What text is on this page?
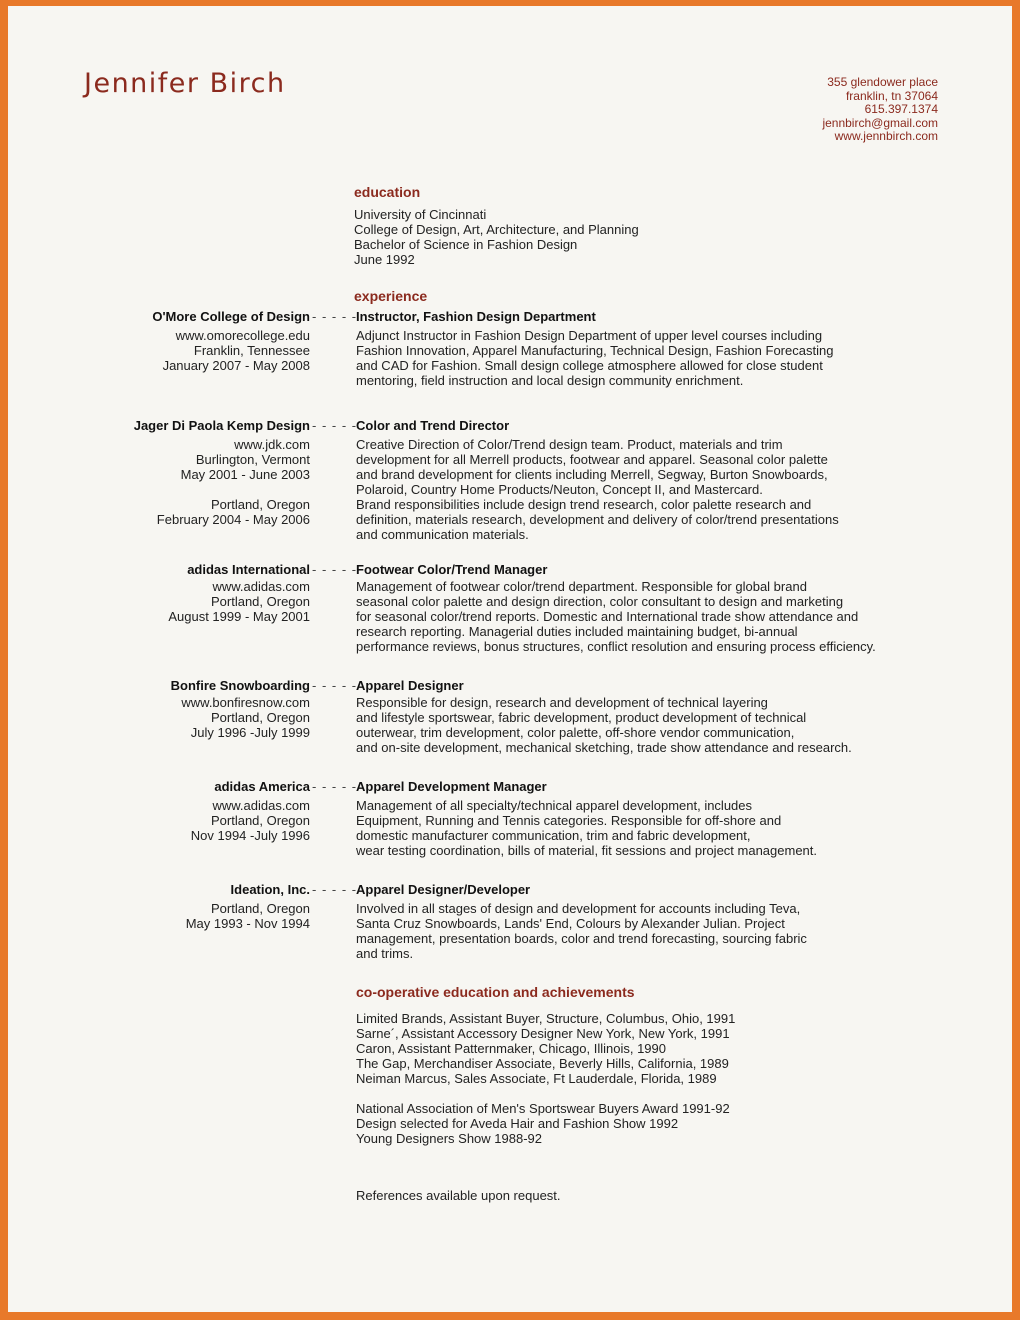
Jennifer Birch	355 glendower place
franklin, tn 37064
615.397.1374
jennbirch@gmail.com
www.jennbirch.com
education
University of Cincinnati
College of Design, Art, Architecture, and Planning
Bachelor of Science in Fashion Design
June 1992
experience
O'More College of Design
www.omorecollege.edu
Franklin, Tennessee
January 2007 - May 2008
- - - - -
Instructor, Fashion Design Department
Adjunct Instructor in Fashion Design Department of upper level courses including
Fashion Innovation, Apparel Manufacturing, Technical Design, Fashion Forecasting
and CAD for Fashion. Small design college atmosphere allowed for close student
mentoring, field instruction and local design community enrichment.
Jager Di Paola Kemp Design
www.jdk.com
Burlington, Vermont
May 2001 - June 2003
Portland, Oregon
February 2004 - May 2006
- - - - -
Color and Trend Director
Creative Direction of Color/Trend design team. Product, materials and trim
development for all Merrell products, footwear and apparel. Seasonal color palette
and brand development for clients including Merrell, Segway, Burton Snowboards,
Polaroid, Country Home Products/Neuton, Concept II, and Mastercard.
Brand responsibilities include design trend research, color palette research and
definition, materials research, development and delivery of color/trend presentations
and communication materials.
adidas International
www.adidas.com
Portland, Oregon
August 1999 - May 2001
- - - - -
Footwear Color/Trend Manager
Management of footwear color/trend department. Responsible for global brand
seasonal color palette and design direction, color consultant to design and marketing
for seasonal color/trend reports. Domestic and International trade show attendance and
research reporting. Managerial duties included maintaining budget, bi-annual
performance reviews, bonus structures, conflict resolution and ensuring process efficiency.
Bonfire Snowboarding
www.bonfiresnow.com
Portland, Oregon
July 1996 -July 1999
- - - - -
Apparel Designer
Responsible for design, research and development of technical layering
and lifestyle sportswear, fabric development, product development of technical
outerwear, trim development, color palette, off-shore vendor communication,
and on-site development, mechanical sketching, trade show attendance and research.
adidas America
www.adidas.com
Portland, Oregon
Nov 1994 -July 1996
- - - - -
Apparel Development Manager
Management of all specialty/technical apparel development, includes
Equipment, Running and Tennis categories. Responsible for off-shore and
domestic manufacturer communication, trim and fabric development,
wear testing coordination, bills of material, fit sessions and project management.
Ideation, Inc.
Portland, Oregon
May 1993 - Nov 1994
- - - - -
Apparel Designer/Developer
Involved in all stages of design and development for accounts including Teva,
Santa Cruz Snowboards, Lands' End, Colours by Alexander Julian. Project
management, presentation boards, color and trend forecasting, sourcing fabric
and trims.
co-operative education and achievements
Limited Brands, Assistant Buyer, Structure, Columbus, Ohio, 1991
Sarne´, Assistant Accessory Designer New York, New York, 1991
Caron, Assistant Patternmaker, Chicago, Illinois, 1990
The Gap, Merchandiser Associate, Beverly Hills, California, 1989
Neiman Marcus, Sales Associate, Ft Lauderdale, Florida, 1989
National Association of Men's Sportswear Buyers Award 1991-92
Design selected for Aveda Hair and Fashion Show 1992
Young Designers Show 1988-92
References available upon request.
